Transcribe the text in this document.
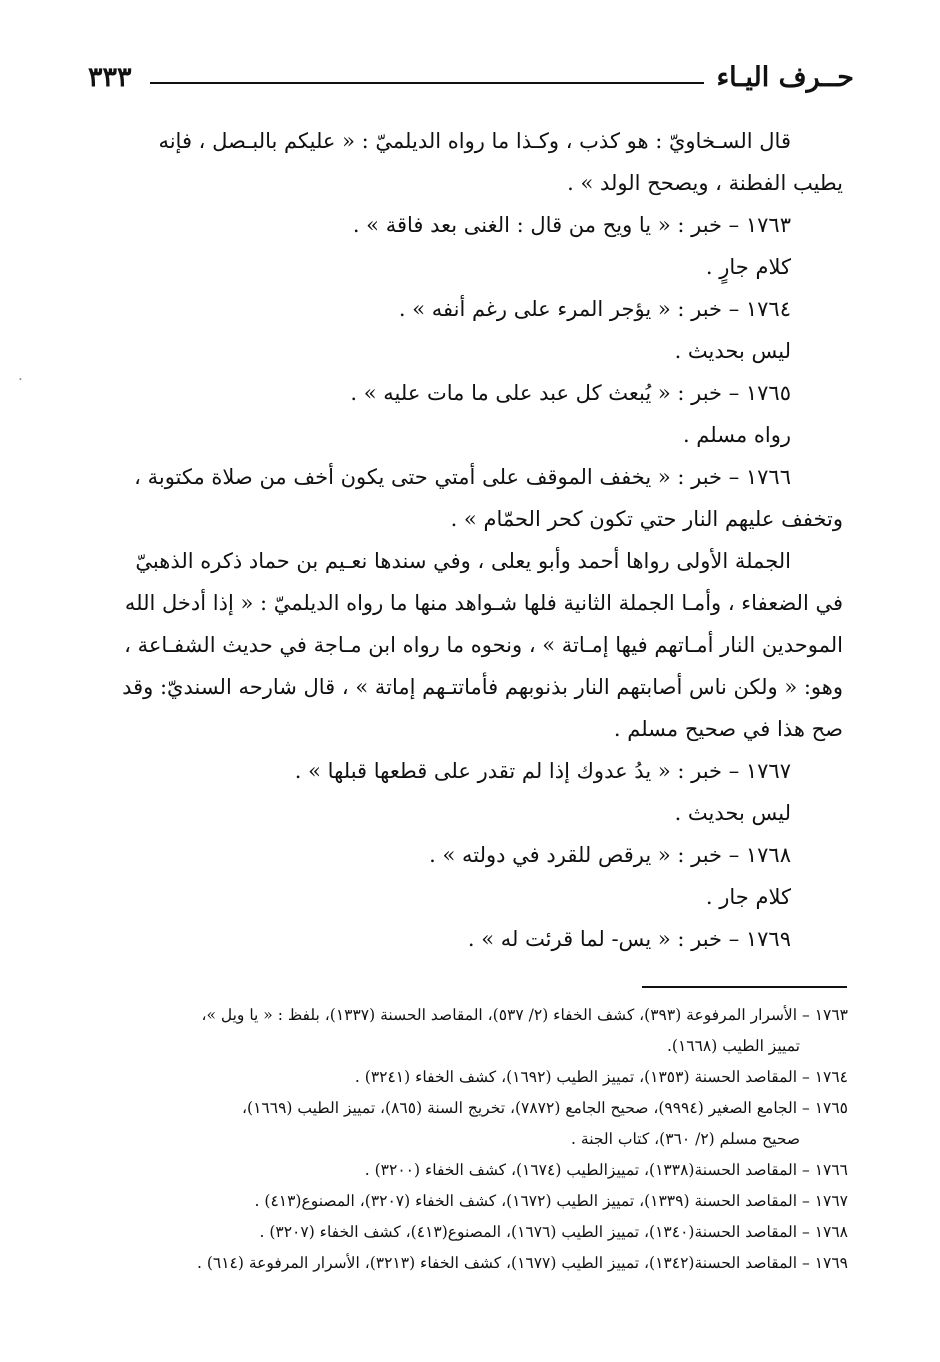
حــرف اليـاء
٣٣٣

قال السـخاويّ : هو كذب ، وكـذا ما رواه الديلميّ : « عليكم بالبـصل ، فإنه

يطيب الفطنة ، ويصحح الولد » .

١٧٦٣ – خبر : « يا ويح من قال : الغنى بعد فاقة » .

كلام جارٍ .

١٧٦٤ – خبر : « يؤجر المرء على رغم أنفه » .

ليس بحديث .

١٧٦٥ – خبر : « يُبعث كل عبد على ما مات عليه » .

رواه مسلم .

١٧٦٦ – خبر : « يخفف الموقف على أمتي حتى يكون أخف من صلاة مكتوبة ،

وتخفف عليهم النار حتي تكون كحر الحمّام » .

الجملة الأولى رواها أحمد وأبو يعلى ، وفي سندها نعـيم بن حماد ذكره الذهبيّ

في الضعفاء ، وأمـا الجملة الثانية فلها شـواهد منها ما رواه الديلميّ : « إذا أدخل الله

الموحدين النار أمـاتهم فيها إمـاتة » ، ونحوه ما رواه ابن مـاجة في حديث الشفـاعة ،

وهو: « ولكن ناس أصابتهم النار بذنوبهم فأماتتـهم إماتة » ، قال شارحه السنديّ: وقد

صح هذا في صحيح مسلم .

١٧٦٧ – خبر : « يدُ عدوك إذا لم تقدر على قطعها قبلها » .

ليس بحديث .

١٧٦٨ – خبر : « يرقص للقرد في دولته » .

كلام جار .

١٧٦٩ – خبر : « يس- لما قرئت له » .

١٧٦٣ – الأسرار المرفوعة (٣٩٣)، كشف الخفاء (٢/ ٥٣٧)، المقاصد الحسنة (١٣٣٧)، بلفظ : « يا ويل »،

تمييز الطيب (١٦٦٨).

١٧٦٤ – المقاصد الحسنة (١٣٥٣)، تمييز الطيب (١٦٩٢)، كشف الخفاء (٣٢٤١) .

١٧٦٥ – الجامع الصغير (٩٩٩٤)، صحيح الجامع (٧٨٧٢)، تخريج السنة (٨٦٥)، تمييز الطيب (١٦٦٩)،

صحيح مسلم (٢/ ٣٦٠)، كتاب الجنة .

١٧٦٦ – المقاصد الحسنة(١٣٣٨)، تمييزالطيب (١٦٧٤)، كشف الخفاء (٣٢٠٠) .

١٧٦٧ – المقاصد الحسنة (١٣٣٩)، تمييز الطيب (١٦٧٢)، كشف الخفاء (٣٢٠٧)، المصنوع(٤١٣) .

١٧٦٨ – المقاصد الحسنة(١٣٤٠)، تمييز الطيب (١٦٧٦)، المصنوع(٤١٣)، كشف الخفاء (٣٢٠٧) .

١٧٦٩ – المقاصد الحسنة(١٣٤٢)، تمييز الطيب (١٦٧٧)، كشف الخفاء (٣٢١٣)، الأسرار المرفوعة (٦١٤) .
